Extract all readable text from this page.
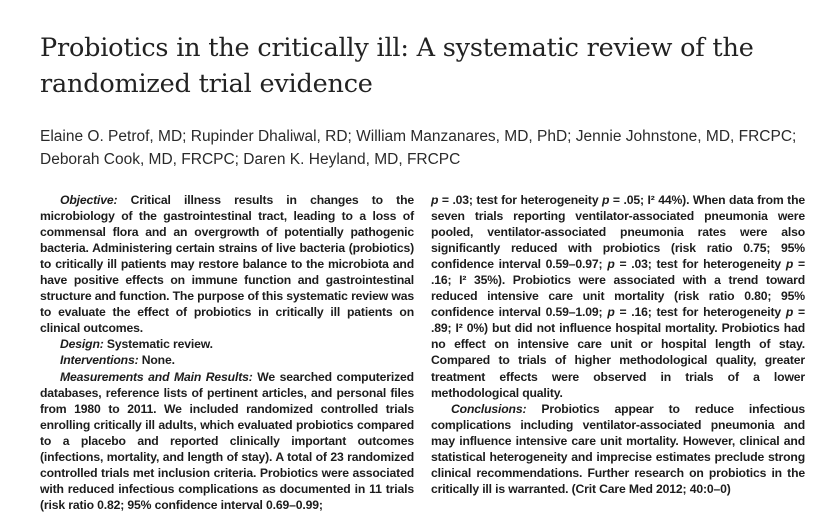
Probiotics in the critically ill: A systematic review of the randomized trial evidence
Elaine O. Petrof, MD; Rupinder Dhaliwal, RD; William Manzanares, MD, PhD; Jennie Johnstone, MD, FRCPC; Deborah Cook, MD, FRCPC; Daren K. Heyland, MD, FRCPC

Objective: Critical illness results in changes to the microbiology of the gastrointestinal tract, leading to a loss of commensal flora and an overgrowth of potentially pathogenic bacteria. Administering certain strains of live bacteria (probiotics) to critically ill patients may restore balance to the microbiota and have positive effects on immune function and gastrointestinal structure and function. The purpose of this systematic review was to evaluate the effect of probiotics in critically ill patients on clinical outcomes.

Design: Systematic review.

Interventions: None.

Measurements and Main Results: We searched computerized databases, reference lists of pertinent articles, and personal files from 1980 to 2011. We included randomized controlled trials enrolling critically ill adults, which evaluated probiotics compared to a placebo and reported clinically important outcomes (infections, mortality, and length of stay). A total of 23 randomized controlled trials met inclusion criteria. Probiotics were associated with reduced infectious complications as documented in 11 trials (risk ratio 0.82; 95% confidence interval 0.69–0.99;

p = .03; test for heterogeneity p = .05; I² 44%). When data from the seven trials reporting ventilator-associated pneumonia were pooled, ventilator-associated pneumonia rates were also significantly reduced with probiotics (risk ratio 0.75; 95% confidence interval 0.59–0.97; p = .03; test for heterogeneity p = .16; I² 35%). Probiotics were associated with a trend toward reduced intensive care unit mortality (risk ratio 0.80; 95% confidence interval 0.59–1.09; p = .16; test for heterogeneity p = .89; I² 0%) but did not influence hospital mortality. Probiotics had no effect on intensive care unit or hospital length of stay. Compared to trials of higher methodological quality, greater treatment effects were observed in trials of a lower methodological quality.

Conclusions: Probiotics appear to reduce infectious complications including ventilator-associated pneumonia and may influence intensive care unit mortality. However, clinical and statistical heterogeneity and imprecise estimates preclude strong clinical recommendations. Further research on probiotics in the critically ill is warranted. (Crit Care Med 2012; 40:0–0)
